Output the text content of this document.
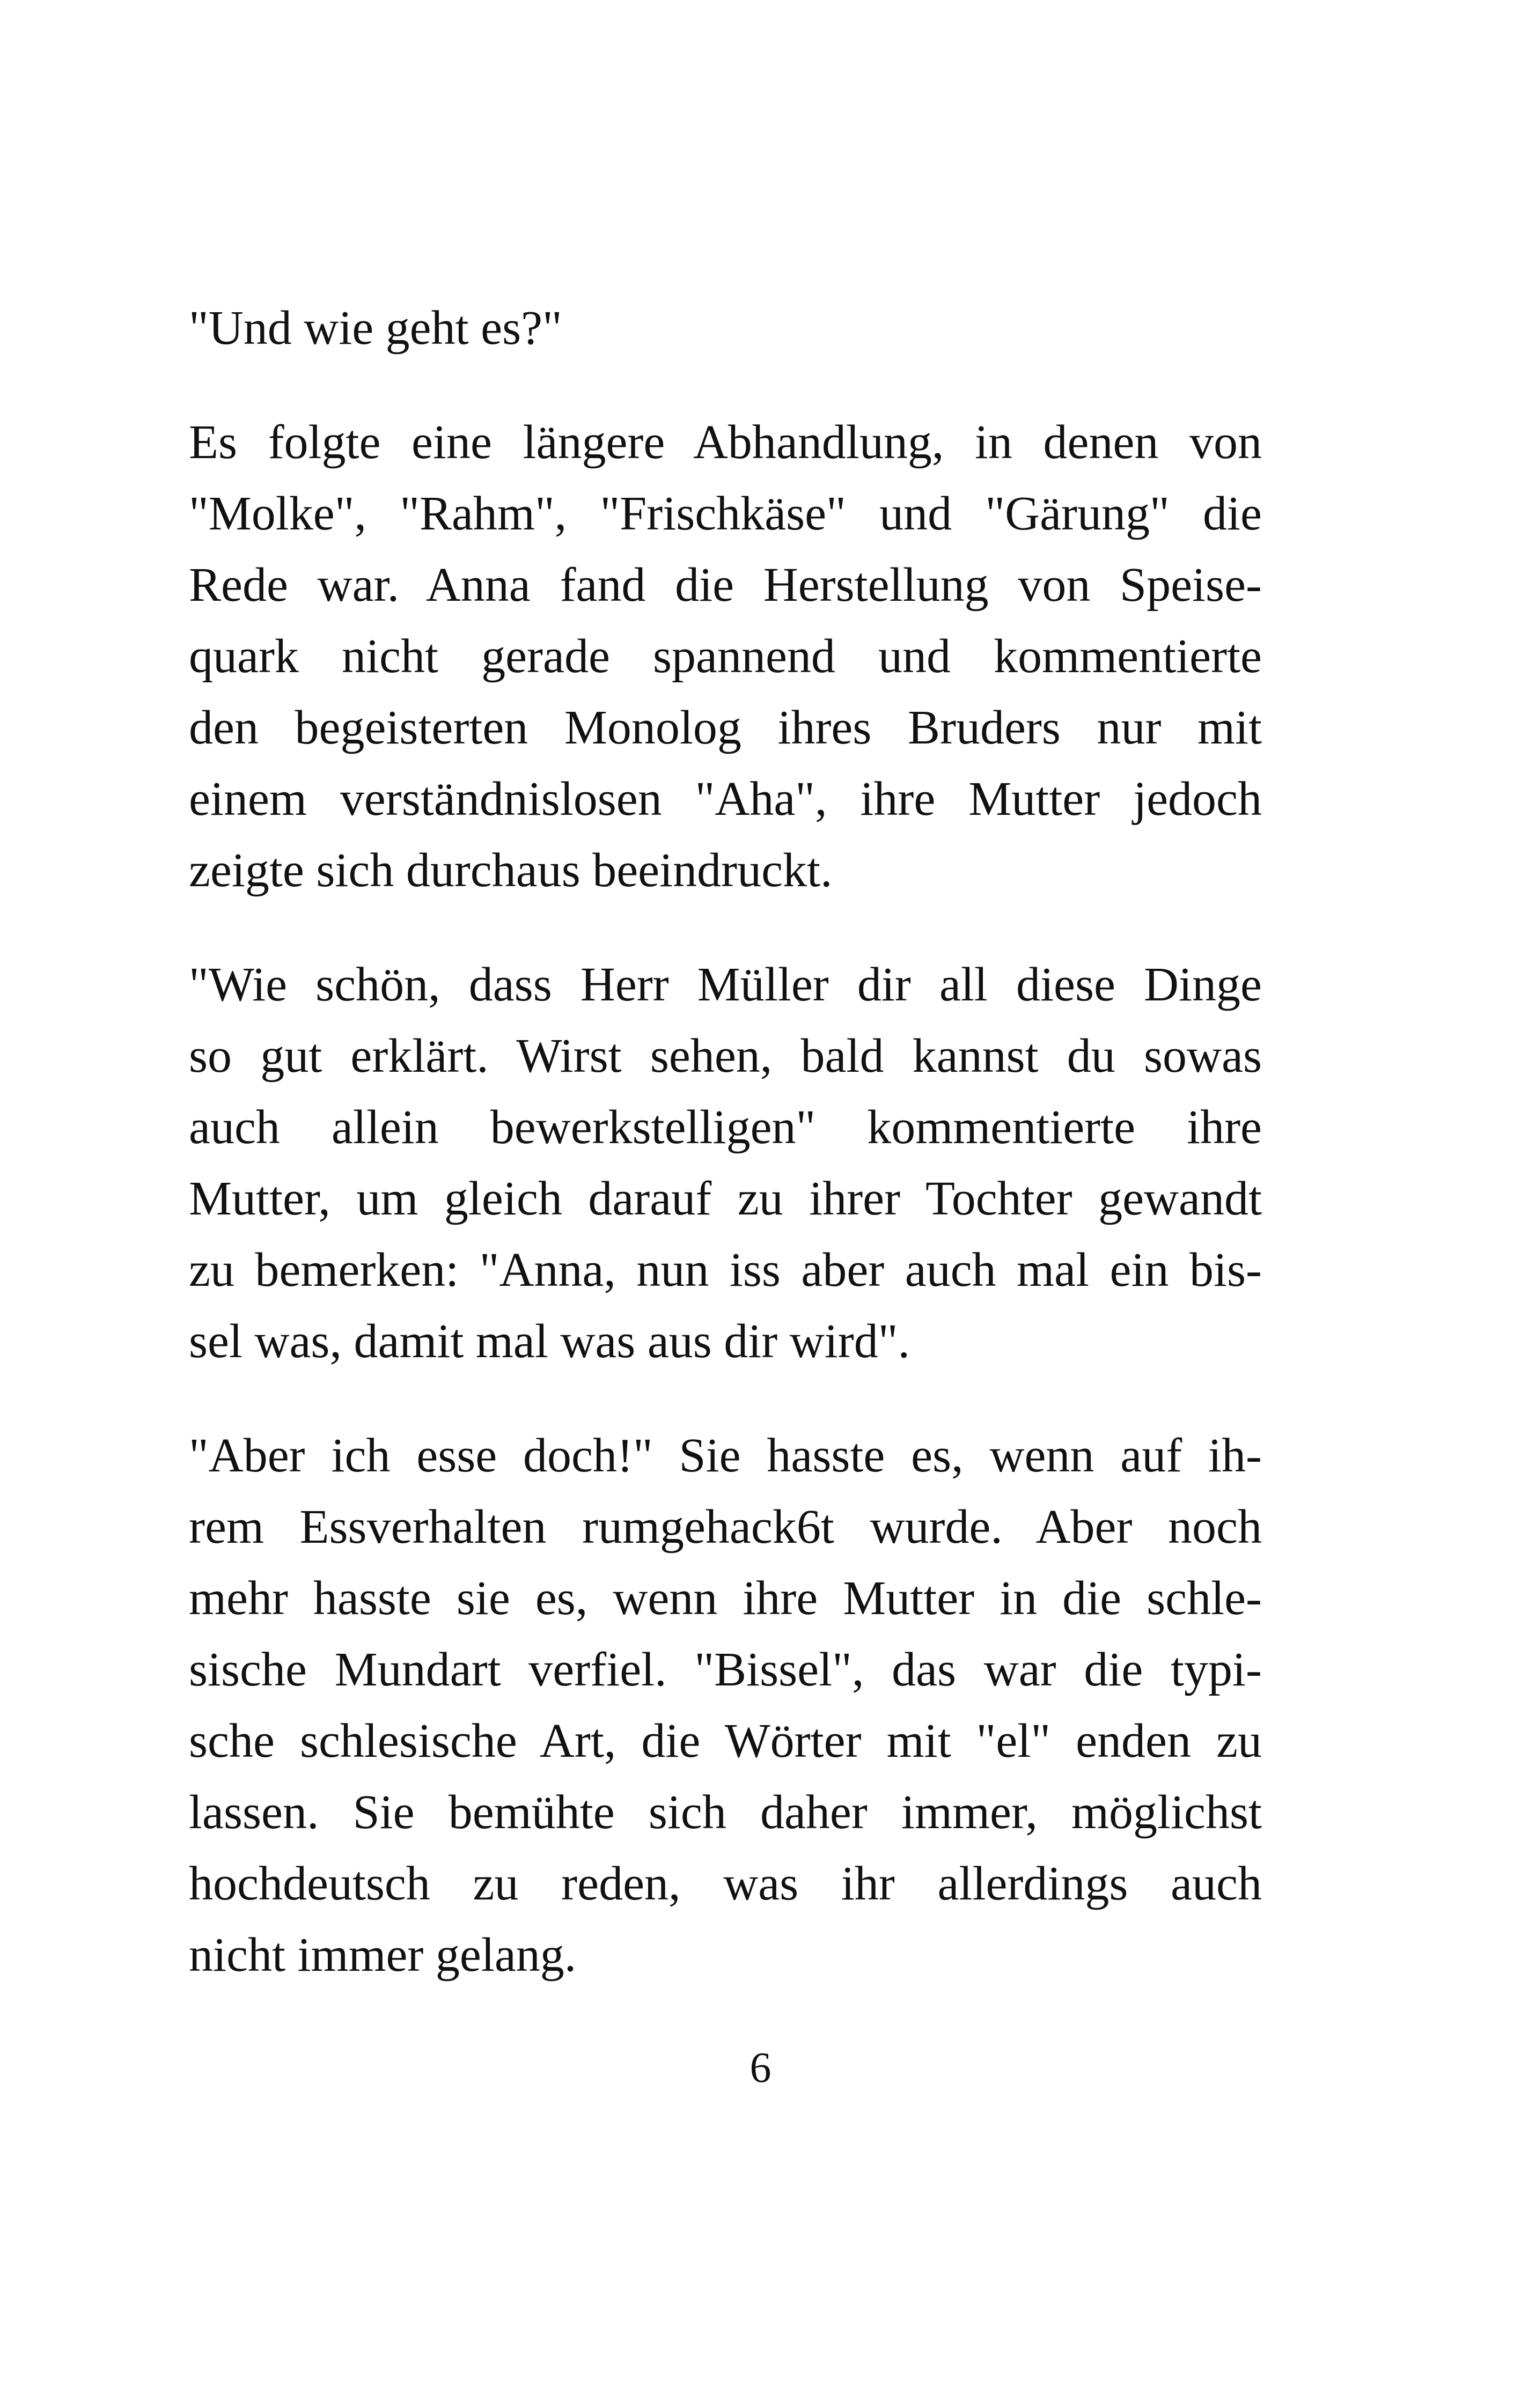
"Und wie geht es?"

Es folgte eine längere Abhandlung, in denen von
"Molke", "Rahm", "Frischkäse" und "Gärung" die
Rede war. Anna fand die Herstellung von Speise-
quark nicht gerade spannend und kommentierte
den begeisterten Monolog ihres Bruders nur mit
einem verständnislosen "Aha", ihre Mutter jedoch
zeigte sich durchaus beeindruckt.

"Wie schön, dass Herr Müller dir all diese Dinge
so gut erklärt. Wirst sehen, bald kannst du sowas
auch allein bewerkstelligen" kommentierte ihre
Mutter, um gleich darauf zu ihrer Tochter gewandt
zu bemerken: "Anna, nun iss aber auch mal ein bis-
sel was, damit mal was aus dir wird".

"Aber ich esse doch!" Sie hasste es, wenn auf ih-
rem Essverhalten rumgehack6t wurde. Aber noch
mehr hasste sie es, wenn ihre Mutter in die schle-
sische Mundart verfiel. "Bissel", das war die typi-
sche schlesische Art, die Wörter mit "el" enden zu
lassen. Sie bemühte sich daher immer, möglichst
hochdeutsch zu reden, was ihr allerdings auch
nicht immer gelang.

6
